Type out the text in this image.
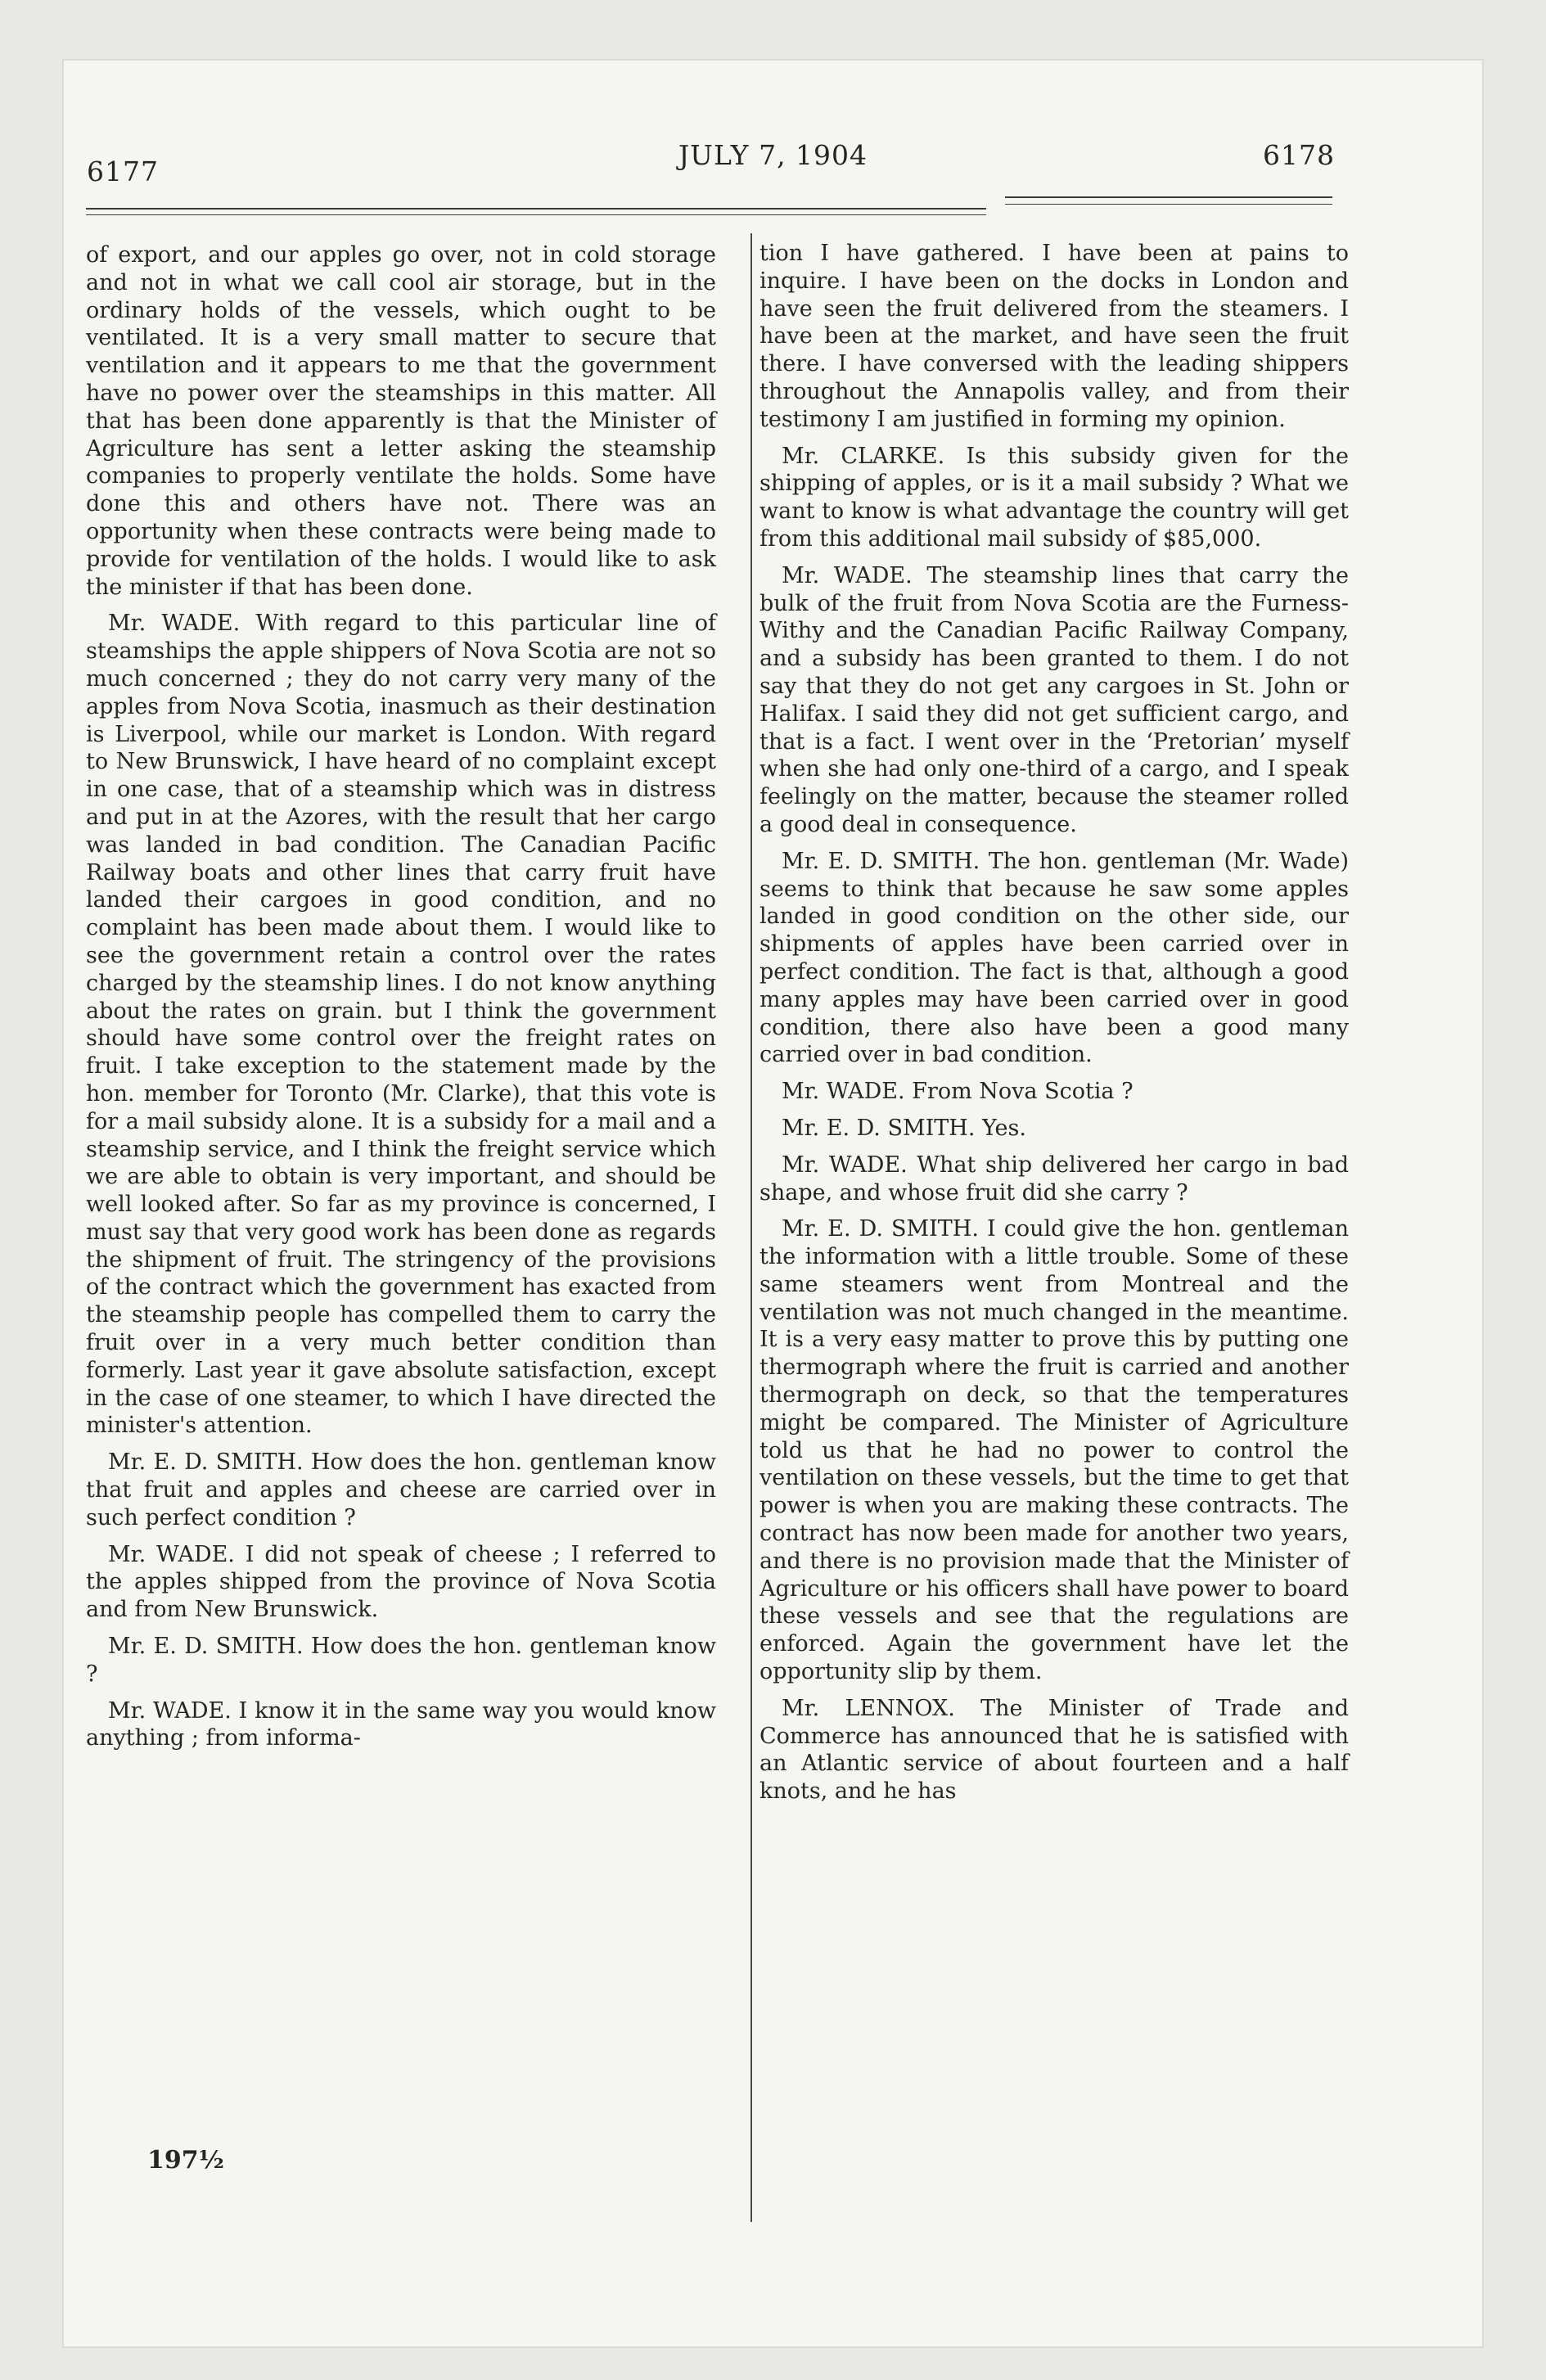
6177
JULY 7, 1904	6178

of export, and our apples go over, not in cold storage and not in what we call cool air storage, but in the ordinary holds of the vessels, which ought to be ventilated. It is a very small matter to secure that ventilation and it appears to me that the government have no power over the steamships in this matter. All that has been done apparently is that the Minister of Agriculture has sent a letter asking the steamship companies to properly ventilate the holds. Some have done this and others have not. There was an opportunity when these contracts were being made to provide for ventilation of the holds. I would like to ask the minister if that has been done.

Mr. WADE. With regard to this particular line of steamships the apple shippers of Nova Scotia are not so much concerned ; they do not carry very many of the apples from Nova Scotia, inasmuch as their destination is Liverpool, while our market is London. With regard to New Brunswick, I have heard of no complaint except in one case, that of a steamship which was in distress and put in at the Azores, with the result that her cargo was landed in bad condition. The Canadian Pacific Railway boats and other lines that carry fruit have landed their cargoes in good condition, and no complaint has been made about them. I would like to see the government retain a control over the rates charged by the steamship lines. I do not know anything about the rates on grain. but I think the government should have some control over the freight rates on fruit. I take exception to the statement made by the hon. member for Toronto (Mr. Clarke), that this vote is for a mail subsidy alone. It is a subsidy for a mail and a steamship service, and I think the freight service which we are able to obtain is very important, and should be well looked after. So far as my province is concerned, I must say that very good work has been done as regards the shipment of fruit. The stringency of the provisions of the contract which the government has exacted from the steamship people has compelled them to carry the fruit over in a very much better condition than formerly. Last year it gave absolute satisfaction, except in the case of one steamer, to which I have directed the minister's attention.

Mr. E. D. SMITH. How does the hon. gentleman know that fruit and apples and cheese are carried over in such perfect condition ?

Mr. WADE. I did not speak of cheese ; I referred to the apples shipped from the province of Nova Scotia and from New Brunswick.

Mr. E. D. SMITH. How does the hon. gentleman know ?

Mr. WADE. I know it in the same way you would know anything ; from informa-

tion I have gathered. I have been at pains to inquire. I have been on the docks in London and have seen the fruit delivered from the steamers. I have been at the market, and have seen the fruit there. I have conversed with the leading shippers throughout the Annapolis valley, and from their testimony I am justified in forming my opinion.

Mr. CLARKE. Is this subsidy given for the shipping of apples, or is it a mail subsidy ? What we want to know is what advantage the country will get from this additional mail subsidy of $85,000.

Mr. WADE. The steamship lines that carry the bulk of the fruit from Nova Scotia are the Furness-Withy and the Canadian Pacific Railway Company, and a subsidy has been granted to them. I do not say that they do not get any cargoes in St. John or Halifax. I said they did not get sufficient cargo, and that is a fact. I went over in the ‘Pretorian’ myself when she had only one-third of a cargo, and I speak feelingly on the matter, because the steamer rolled a good deal in consequence.

Mr. E. D. SMITH. The hon. gentleman (Mr. Wade) seems to think that because he saw some apples landed in good condition on the other side, our shipments of apples have been carried over in perfect condition. The fact is that, although a good many apples may have been carried over in good condition, there also have been a good many carried over in bad condition.

Mr. WADE. From Nova Scotia ?

Mr. E. D. SMITH. Yes.

Mr. WADE. What ship delivered her cargo in bad shape, and whose fruit did she carry ?

Mr. E. D. SMITH. I could give the hon. gentleman the information with a little trouble. Some of these same steamers went from Montreal and the ventilation was not much changed in the meantime. It is a very easy matter to prove this by putting one thermograph where the fruit is carried and another thermograph on deck, so that the temperatures might be compared. The Minister of Agriculture told us that he had no power to control the ventilation on these vessels, but the time to get that power is when you are making these contracts. The contract has now been made for another two years, and there is no provision made that the Minister of Agriculture or his officers shall have power to board these vessels and see that the regulations are enforced. Again the government have let the opportunity slip by them.

Mr. LENNOX. The Minister of Trade and Commerce has announced that he is satisfied with an Atlantic service of about fourteen and a half knots, and he has

197½
